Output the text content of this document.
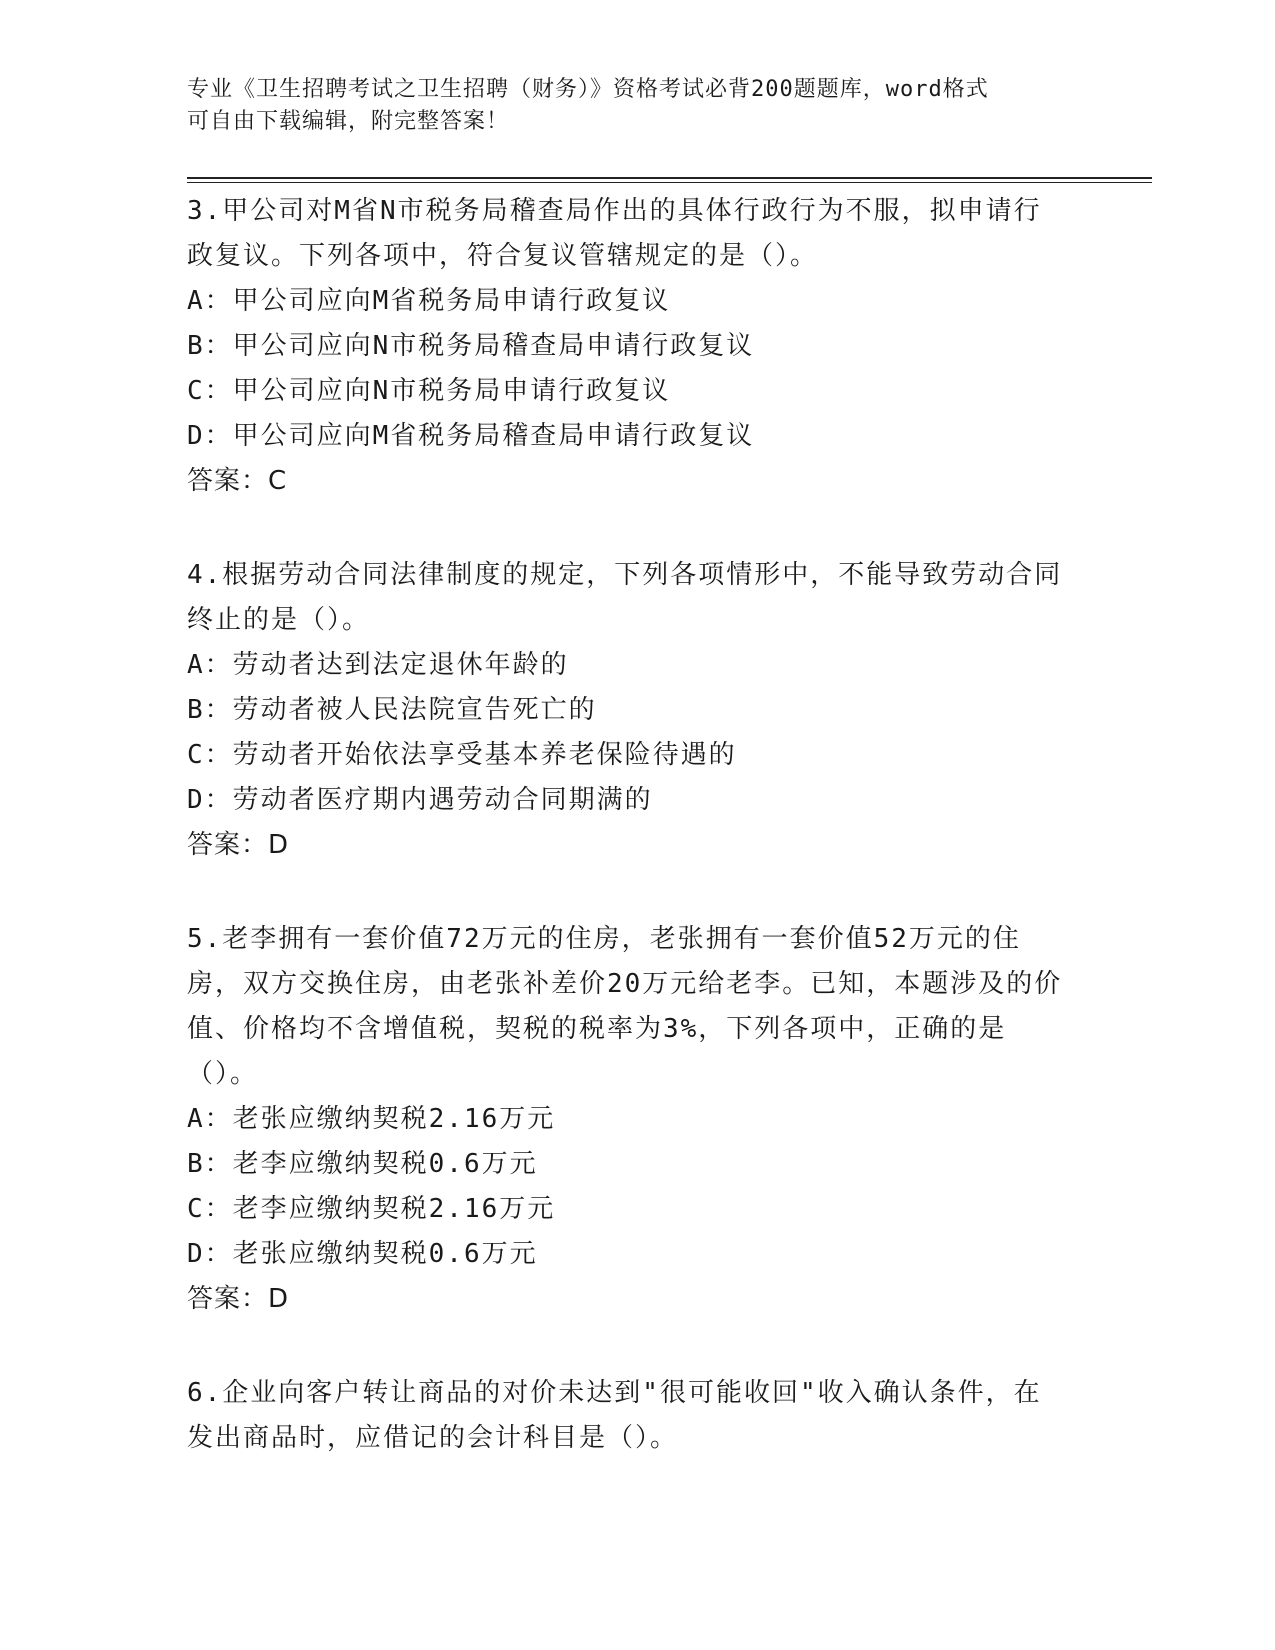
专业《卫生招聘考试之卫生招聘（财务）》资格考试必背200题题库，word格式
可自由下载编辑，附完整答案！

3.甲公司对M省N市税务局稽查局作出的具体行政行为不服，拟申请行政复议。下列各项中，符合复议管辖规定的是（）。

A：甲公司应向M省税务局申请行政复议
B：甲公司应向N市税务局稽查局申请行政复议
C：甲公司应向N市税务局申请行政复议
D：甲公司应向M省税务局稽查局申请行政复议
答案：C

4.根据劳动合同法律制度的规定，下列各项情形中，不能导致劳动合同终止的是（）。

A：劳动者达到法定退休年龄的
B：劳动者被人民法院宣告死亡的
C：劳动者开始依法享受基本养老保险待遇的
D：劳动者医疗期内遇劳动合同期满的
答案：D

5.老李拥有一套价值72万元的住房，老张拥有一套价值52万元的住房，双方交换住房，由老张补差价20万元给老李。已知，本题涉及的价值、价格均不含增值税，契税的税率为3%，下列各项中，正确的是（）。

A：老张应缴纳契税2.16万元
B：老李应缴纳契税0.6万元
C：老李应缴纳契税2.16万元
D：老张应缴纳契税0.6万元
答案：D

6.企业向客户转让商品的对价未达到"很可能收回"收入确认条件，在发出商品时，应借记的会计科目是（）。
